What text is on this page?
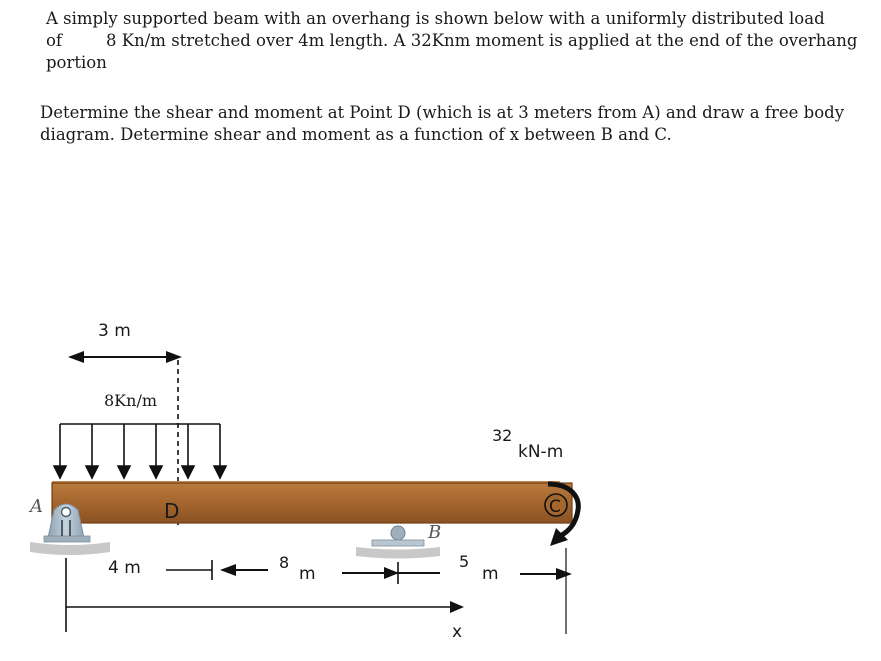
A simply supported beam with an overhang is shown below with a uniformly distributed load
of	8 Kn/m stretched over 4m length. A 32Knm moment is applied at the end of the overhang
portion

Determine the shear and moment at Point D (which is at 3 meters from A) and draw a free body
diagram. Determine shear and moment as a function of x between B and C.

3 m
8Kn/m
A
B
D	C
32
kN-m
4 m	8
m
5
m
x
